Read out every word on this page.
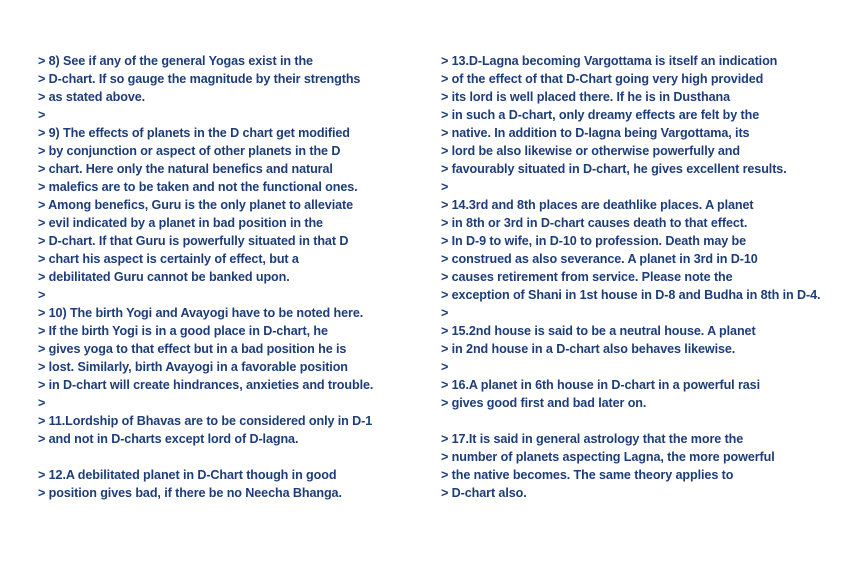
> 8) See if any of the general Yogas exist in the
> D-chart. If so gauge the magnitude by their strengths
> as stated above.
>
> 9) The effects of planets in the D chart get modified
> by conjunction or aspect of other planets in the D
> chart. Here only the natural benefics and natural
> malefics are to be taken and not the functional ones.
> Among benefics, Guru is the only planet to alleviate
> evil indicated by a planet in bad position in the
> D-chart. If that Guru is powerfully situated in that D
> chart his aspect is certainly of effect, but a
> debilitated Guru cannot be banked upon.
>
> 10) The birth Yogi and Avayogi have to be noted here.
> If the birth Yogi is in a good place in D-chart, he
> gives yoga to that effect but in a bad position he is
> lost. Similarly, birth Avayogi in a favorable position
> in D-chart will create hindrances, anxieties and trouble.
>
> 11.Lordship of Bhavas are to be considered only in D-1
> and not in D-charts except lord of D-lagna.
> 12.A debilitated planet in D-Chart though in good
> position gives bad, if there be no Neecha Bhanga.
> 13.D-Lagna becoming Vargottama is itself an indication
> of the effect of that D-Chart going very high provided
> its lord is well placed there. If he is in Dusthana
> in such a D-chart, only dreamy effects are felt by the
> native. In addition to D-lagna being Vargottama, its
> lord be also likewise or otherwise powerfully and
> favourably situated in D-chart, he gives excellent results.
>
> 14.3rd and 8th places are deathlike places. A planet
> in 8th or 3rd in D-chart causes death to that effect.
> In D-9 to wife, in D-10 to profession. Death may be
> construed as also severance. A planet in 3rd in D-10
> causes retirement from service. Please note the
> exception of Shani in 1st house in D-8 and Budha in 8th in D-4.
>
> 15.2nd house is said to be a neutral house. A planet
> in 2nd house in a D-chart also behaves likewise.
>
> 16.A planet in 6th house in D-chart in a powerful rasi
> gives good first and bad later on.
> 17.It is said in general astrology that the more the
> number of planets aspecting Lagna, the more powerful
> the native becomes. The same theory applies to
> D-chart also.
